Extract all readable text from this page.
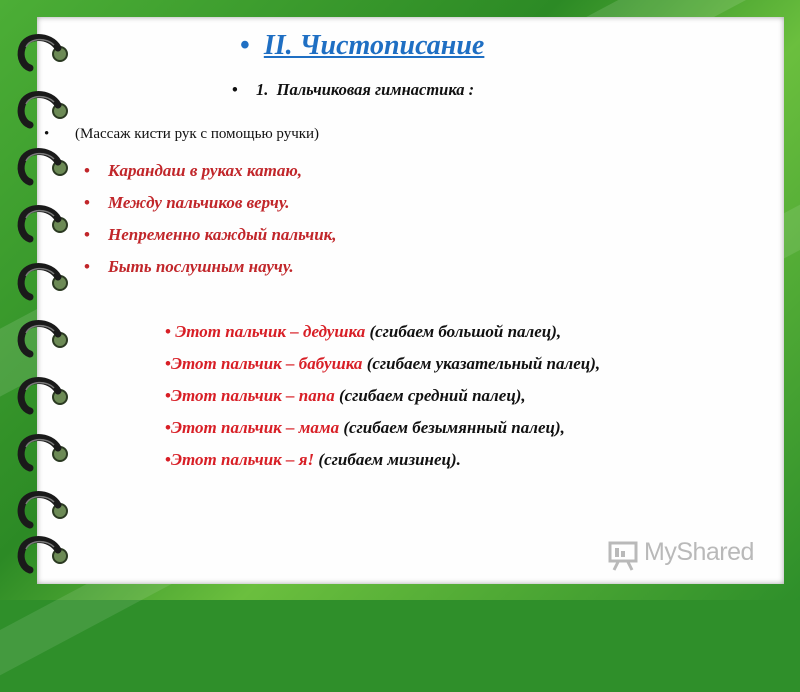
• II. Чистописание
• 1. Пальчиковая гимнастика :
• (Массаж кисти рук с помощью ручки)
• Карандаш в руках катаю,
• Между пальчиков верчу.
• Непременно каждый пальчик,
• Быть послушным научу.
• Этот пальчик – дедушка (сгибаем большой палец),
•Этот пальчик – бабушка (сгибаем указательный палец),
•Этот пальчик – папа (сгибаем средний палец),
•Этот пальчик – мама (сгибаем безымянный палец),
•Этот пальчик – я! (сгибаем мизинец).
MyShared
